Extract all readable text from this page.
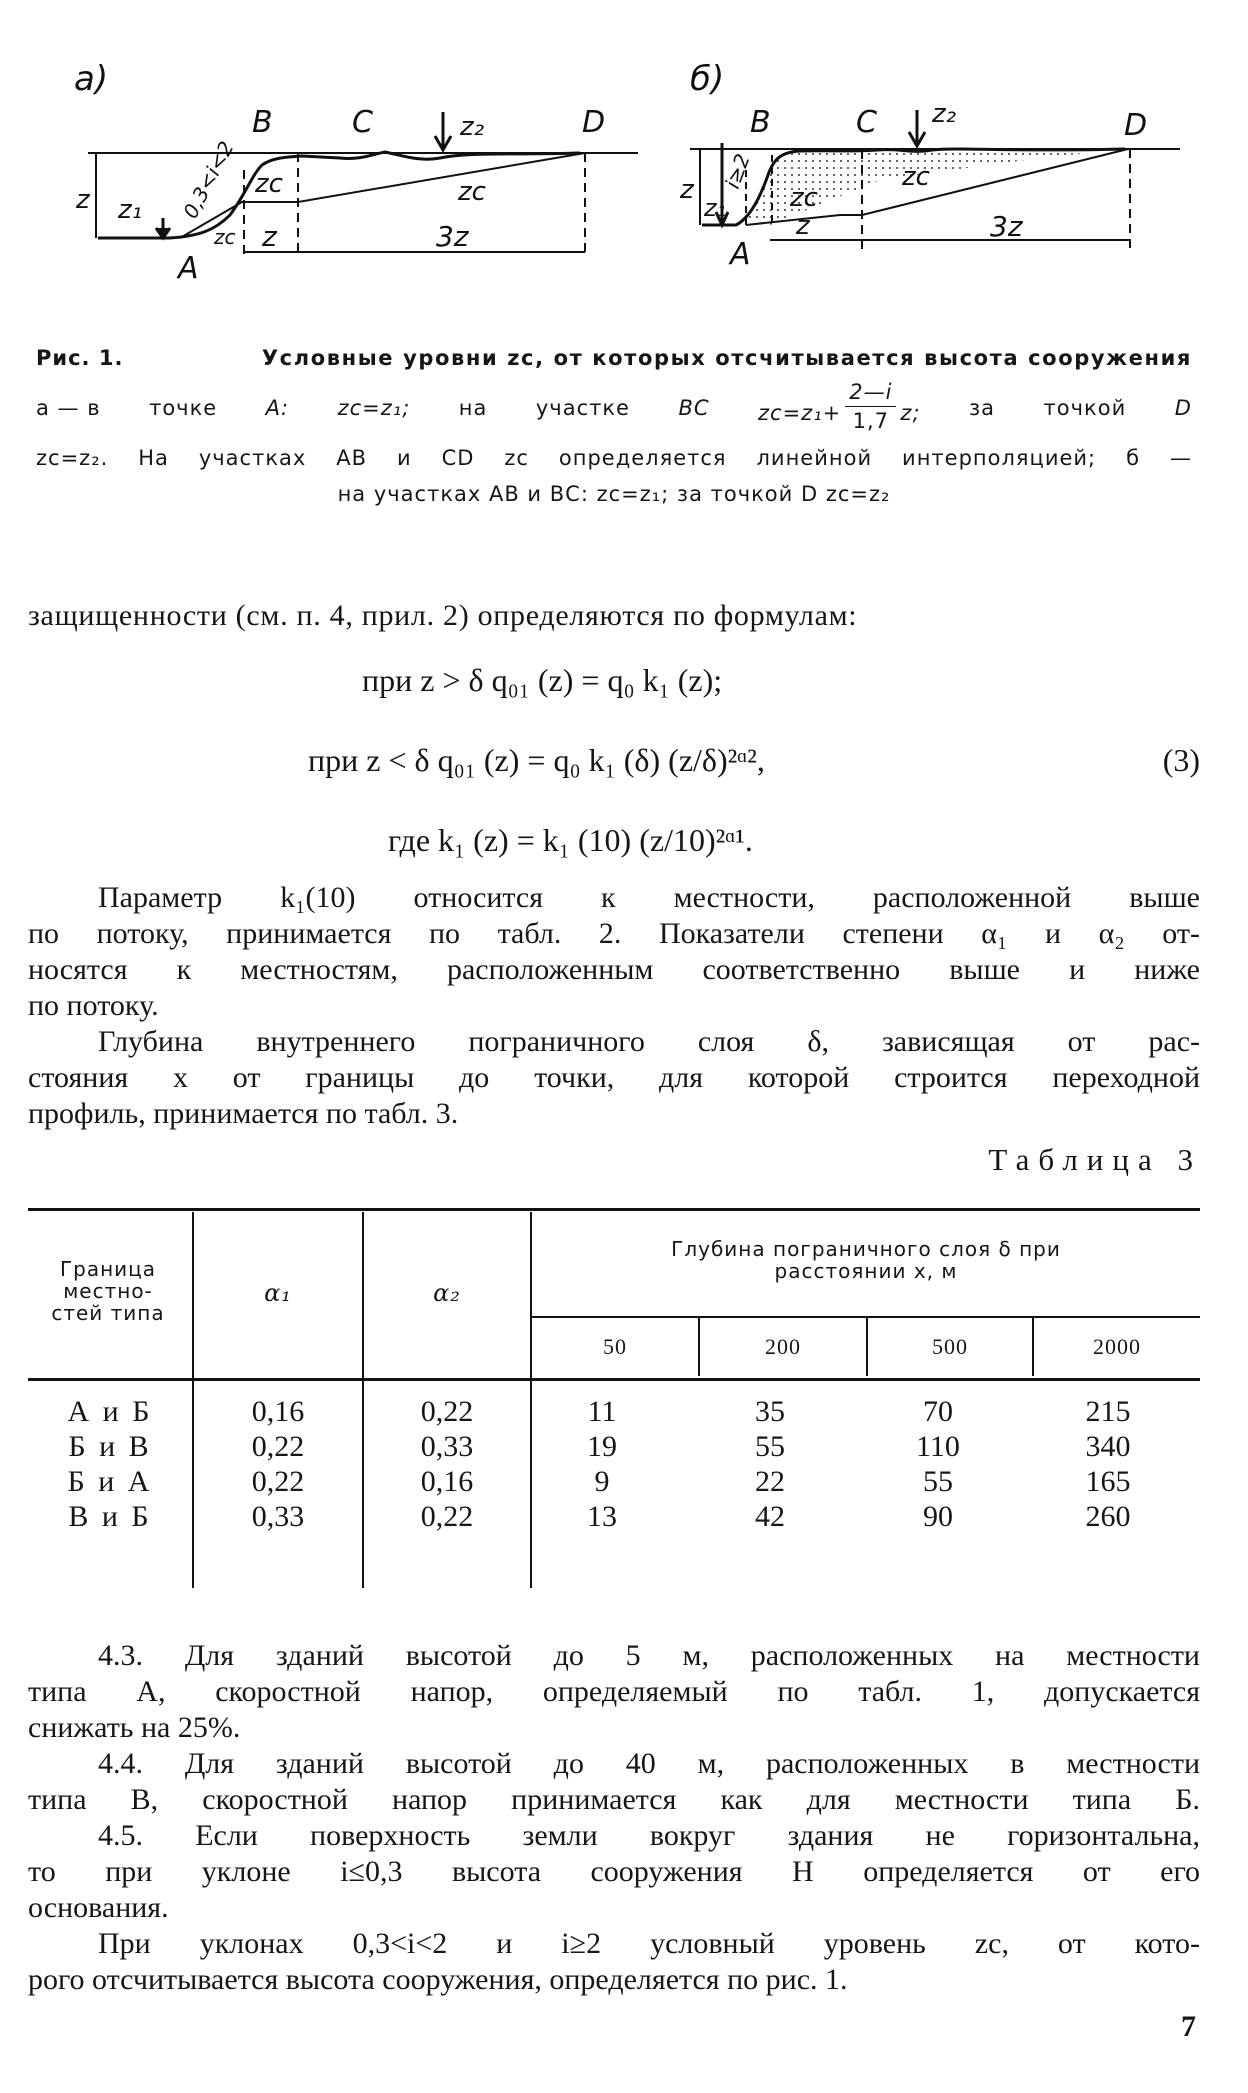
a)
z
z	3z
B	C	D
A
z₁
z₂
zc	zc
zc
0,3<i<2
б)
z
B	C	D
A
z₁
z₂
zc
zc
z	3z
i≥2
Рис. 1.	Условные уровни zc, от которых отсчитывается высота сооружения
а — в точке А: zc=z₁; на участке ВС $zc=z_1+ \frac{2—i}{1,7} z$; за точкой D
zc=z₂. На участках АВ и CD zc определяется линейной интерполяцией; б —
на участках АВ и ВС: zc=z₁; за точкой D zc=z₂
защищенности (см. п. 4, прил. 2) определяются по формулам:
при z > δ q₀₁ (z) = q₀ k₁ (z);
при z < δ q₀₁ (z) = q₀ k₁ (δ) (z/δ)²ᵅ²,	(3)
где k₁ (z) = k₁ (10) (z/10)²ᵅ¹.
Параметр k₁(10) относится к местности, расположенной выше
по потоку, принимается по табл. 2. Показатели степени α₁ и α₂ от-
носятся к местностям, расположенным соответственно выше и ниже
по потоку.
Глубина внутреннего пограничного слоя δ, зависящая от рас-
стояния x от границы до точки, для которой строится переходной
профиль, принимается по табл. 3.
Таблица 3
Граница
местно-
стей типа
α₁	α₂
Глубина пограничного слоя δ при
расстоянии x, м
50	200	500	2000
А и Б	0,16	0,22	11	35	70	215
Б и В	0,22	0,33	19	55	110	340
Б и А	0,22	0,16	9	22	55	165
В и Б	0,33	0,22	13	42	90	260
4.3. Для зданий высотой до 5 м, расположенных на местности
типа А, скоростной напор, определяемый по табл. 1, допускается
снижать на 25%.
4.4. Для зданий высотой до 40 м, расположенных в местности
типа В, скоростной напор принимается как для местности типа Б.
4.5. Если поверхность земли вокруг здания не горизонтальна,
то при уклоне i≤0,3 высота сооружения H определяется от его
основания.
При уклонах 0,3<i<2 и i≥2 условный уровень zc, от кото-
рого отсчитывается высота сооружения, определяется по рис. 1.
7
